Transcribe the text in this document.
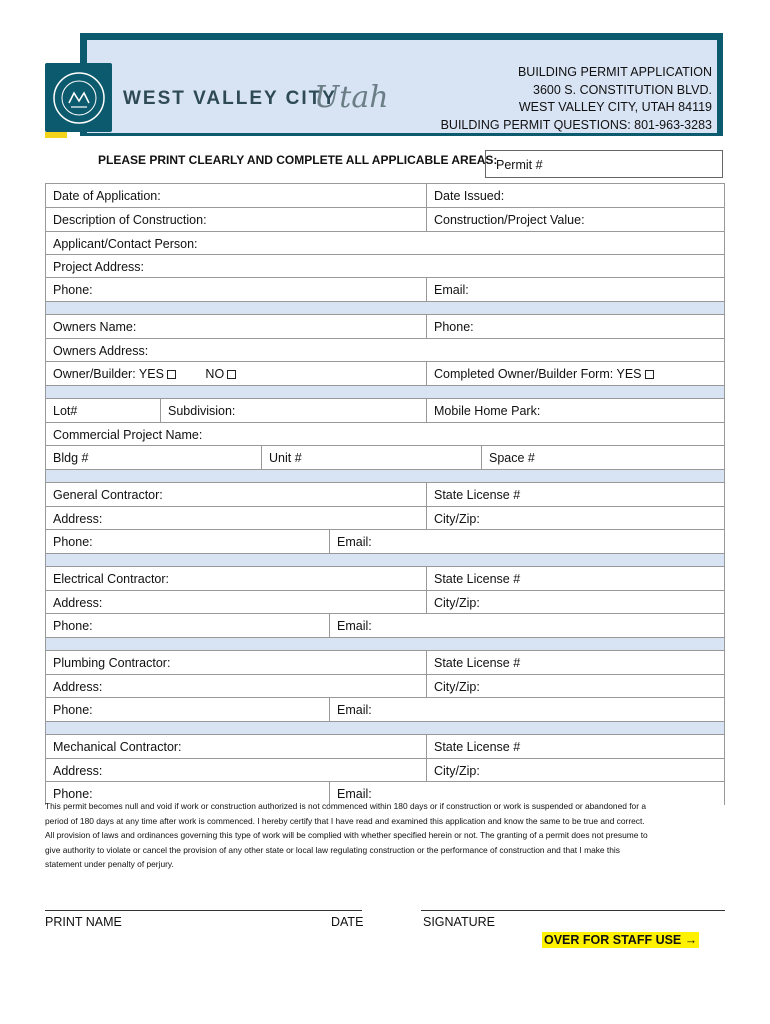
WEST VALLEY CITY
Utah
BUILDING PERMIT APPLICATION
3600 S. CONSTITUTION BLVD.
WEST VALLEY CITY, UTAH 84119
BUILDING PERMIT QUESTIONS: 801-963-3283
PLEASE PRINT CLEARLY AND COMPLETE ALL APPLICABLE AREAS:
Permit #
Date of Application:	Date Issued:
Description of Construction:	Construction/Project Value:
Applicant/Contact Person:
Project Address:
Phone:	Email:
Owners Name:	Phone:
Owners Address:
Owner/Builder: YES	NO	Completed Owner/Builder Form: YES
Lot#	Subdivision:	Mobile Home Park:
Commercial Project Name:
Bldg #	Unit #	Space #
General Contractor:	State License #
Address:	City/Zip:
Phone:	Email:
Electrical Contractor:	State License #
Address:	City/Zip:
Phone:	Email:
Plumbing Contractor:	State License #
Address:	City/Zip:
Phone:	Email:
Mechanical Contractor:	State License #
Address:	City/Zip:
Phone:	Email:
This permit becomes null and void if work or construction authorized is not commenced within 180 days or if construction or work is suspended or abandoned for a
period of 180 days at any time after work is commenced. I hereby certify that I have read and examined this application and know the same to be true and correct.
All provision of laws and ordinances governing this type of work will be complied with whether specified herein or not. The granting of a permit does not presume to
give authority to violate or cancel the provision of any other state or local law regulating construction or the performance of construction and that I make this
statement under penalty of perjury.
PRINT NAME	DATE	SIGNATURE
OVER FOR STAFF USE →
